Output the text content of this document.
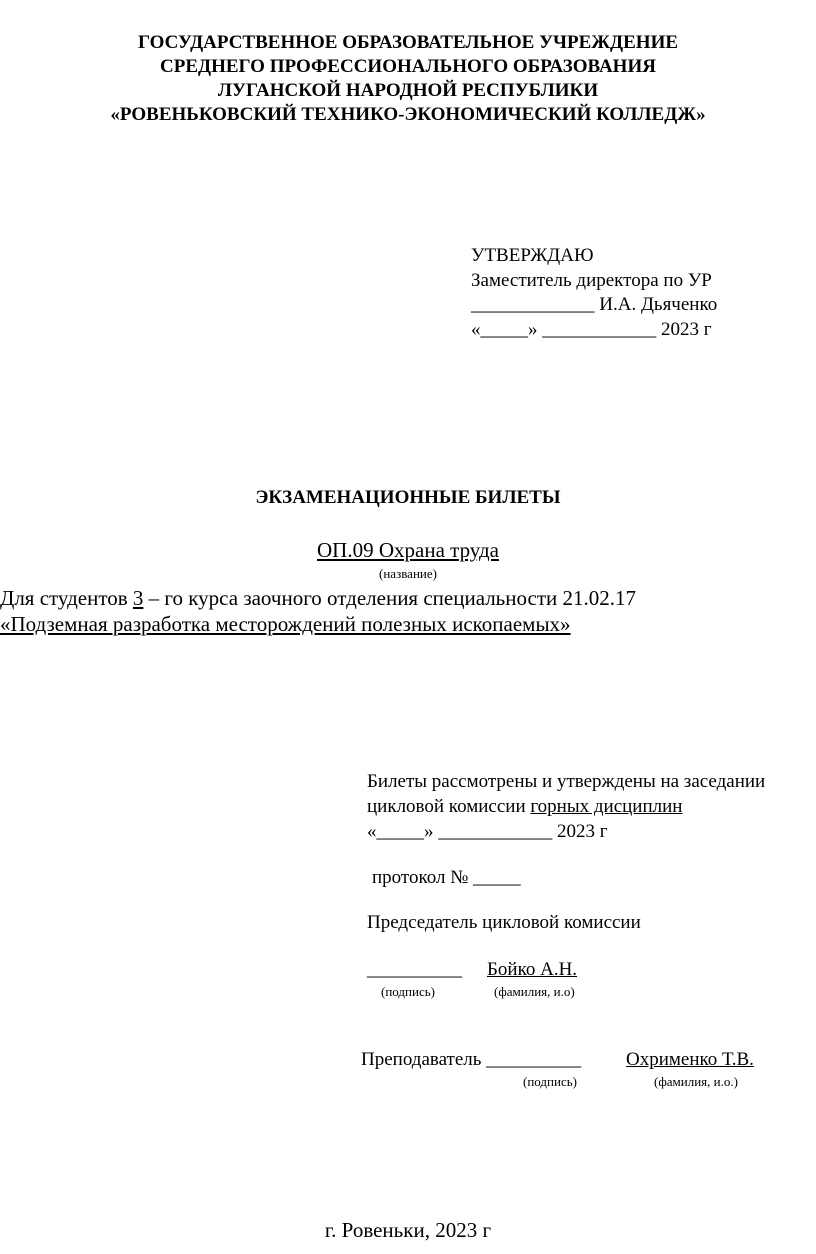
ГОСУДАРСТВЕННОЕ ОБРАЗОВАТЕЛЬНОЕ УЧРЕЖДЕНИЕ
СРЕДНЕГО ПРОФЕССИОНАЛЬНОГО ОБРАЗОВАНИЯ
ЛУГАНСКОЙ НАРОДНОЙ РЕСПУБЛИКИ
«РОВЕНЬКОВСКИЙ ТЕХНИКО-ЭКОНОМИЧЕСКИЙ КОЛЛЕДЖ»
УТВЕРЖДАЮ
Заместитель директора по УР
_____________ И.А. Дьяченко
«_____» ____________ 2023 г
ЭКЗАМЕНАЦИОННЫЕ БИЛЕТЫ
ОП.09 Охрана труда
(название)
Для студентов 3 – го курса заочного отделения специальности 21.02.17
«Подземная разработка месторождений полезных ископаемых»
Билеты рассмотрены и утверждены на заседании
цикловой комиссии горных дисциплин
«_____» ____________ 2023 г
протокол № _____
Председатель цикловой комиссии
__________ Бойко А.Н.
(подпись)	(фамилия, и.о)
Преподаватель __________ Охрименко Т.В.
(подпись)	(фамилия, и.о.)
г. Ровеньки, 2023 г
